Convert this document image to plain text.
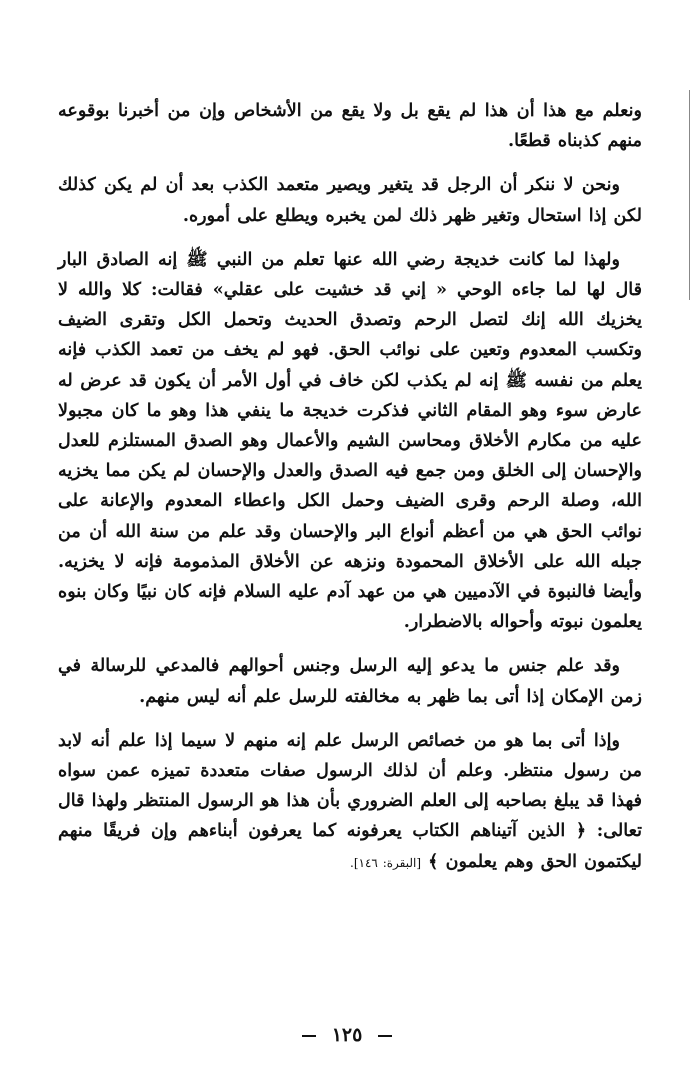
ونعلم مع هذا أن هذا لم يقع بل ولا يقع من الأشخاص وإن من أخبرنا بوقوعه منهم كذبناه قطعًا.

ونحن لا ننكر أن الرجل قد يتغير ويصير متعمد الكذب بعد أن لم يكن كذلك لكن إذا استحال وتغير ظهر ذلك لمن يخبره ويطلع على أموره.

ولهذا لما كانت خديجة رضي الله عنها تعلم من النبي ﷺ إنه الصادق البار قال لها لما جاءه الوحي « إني قد خشيت على عقلي» فقالت: كلا والله لا يخزيك الله إنك لتصل الرحم وتصدق الحديث وتحمل الكل وتقرى الضيف وتكسب المعدوم وتعين على نوائب الحق. فهو لم يخف من تعمد الكذب فإنه يعلم من نفسه ﷺ إنه لم يكذب لكن خاف في أول الأمر أن يكون قد عرض له عارض سوء وهو المقام الثاني فذكرت خديجة ما ينفي هذا وهو ما كان مجبولا عليه من مكارم الأخلاق ومحاسن الشيم والأعمال وهو الصدق المستلزم للعدل والإحسان إلى الخلق ومن جمع فيه الصدق والعدل والإحسان لم يكن مما يخزيه الله، وصلة الرحم وقرى الضيف وحمل الكل واعطاء المعدوم والإعانة على نوائب الحق هي من أعظم أنواع البر والإحسان وقد علم من سنة الله أن من جبله الله على الأخلاق المحمودة ونزهه عن الأخلاق المذمومة فإنه لا يخزيه. وأيضا فالنبوة في الآدميين هي من عهد آدم عليه السلام فإنه كان نبيًا وكان بنوه يعلمون نبوته وأحواله بالاضطرار.

وقد علم جنس ما يدعو إليه الرسل وجنس أحوالهم فالمدعي للرسالة في زمن الإمكان إذا أتى بما ظهر به مخالفته للرسل علم أنه ليس منهم.

وإذا أتى بما هو من خصائص الرسل علم إنه منهم لا سيما إذا علم أنه لابد من رسول منتظر. وعلم أن لذلك الرسول صفات متعددة تميزه عمن سواه فهذا قد يبلغ بصاحبه إلى العلم الضروري بأن هذا هو الرسول المنتظر ولهذا قال تعالى: ﴿ الذين آتيناهم الكتاب يعرفونه كما يعرفون أبناءهم وإن فريقًا منهم ليكتمون الحق وهم يعلمون ﴾ [البقرة: ١٤٦].

١٢٥
